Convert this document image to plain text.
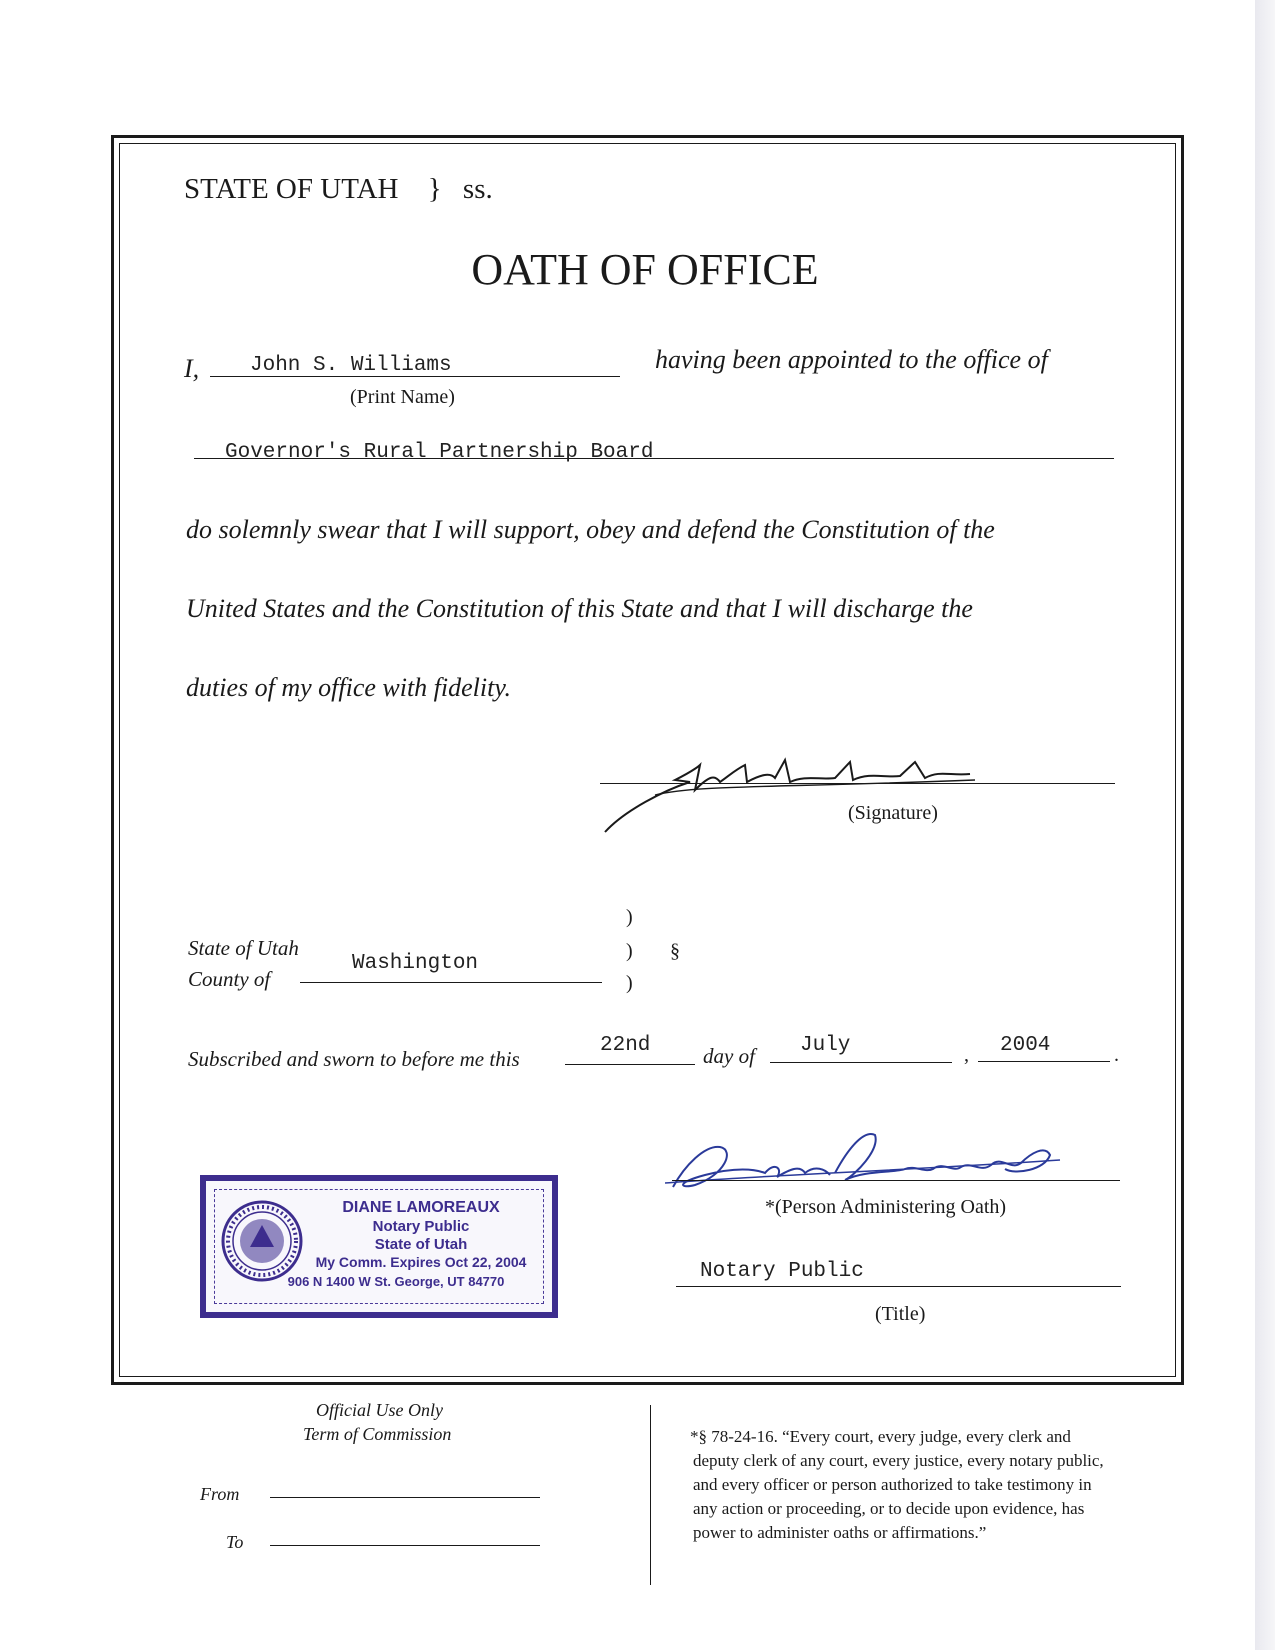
STATE OF UTAH } ss.
OATH OF OFFICE
I, John S. Williams
(Print Name)
having been appointed to the office of
Governor's Rural Partnership Board
do solemnly swear that I will support, obey and defend the Constitution of the
United States and the Constitution of this State and that I will discharge the
duties of my office with fidelity.
(Signature)
State of Utah
County of
Washington
)
)
)
§
Subscribed and sworn to before me this
22nd	day of July	, 2004	.
*(Person Administering Oath)
Notary Public
(Title)
DIANE LAMOREAUX
Notary Public
State of Utah
My Comm. Expires Oct 22, 2004
906 N 1400 W St. George, UT 84770
Official Use Only
Term of Commission
From
To
*§ 78-24-16. “Every court, every judge, every clerk and
deputy clerk of any court, every justice, every notary public,
and every officer or person authorized to take testimony in
any action or proceeding, or to decide upon evidence, has
power to administer oaths or affirmations.”
